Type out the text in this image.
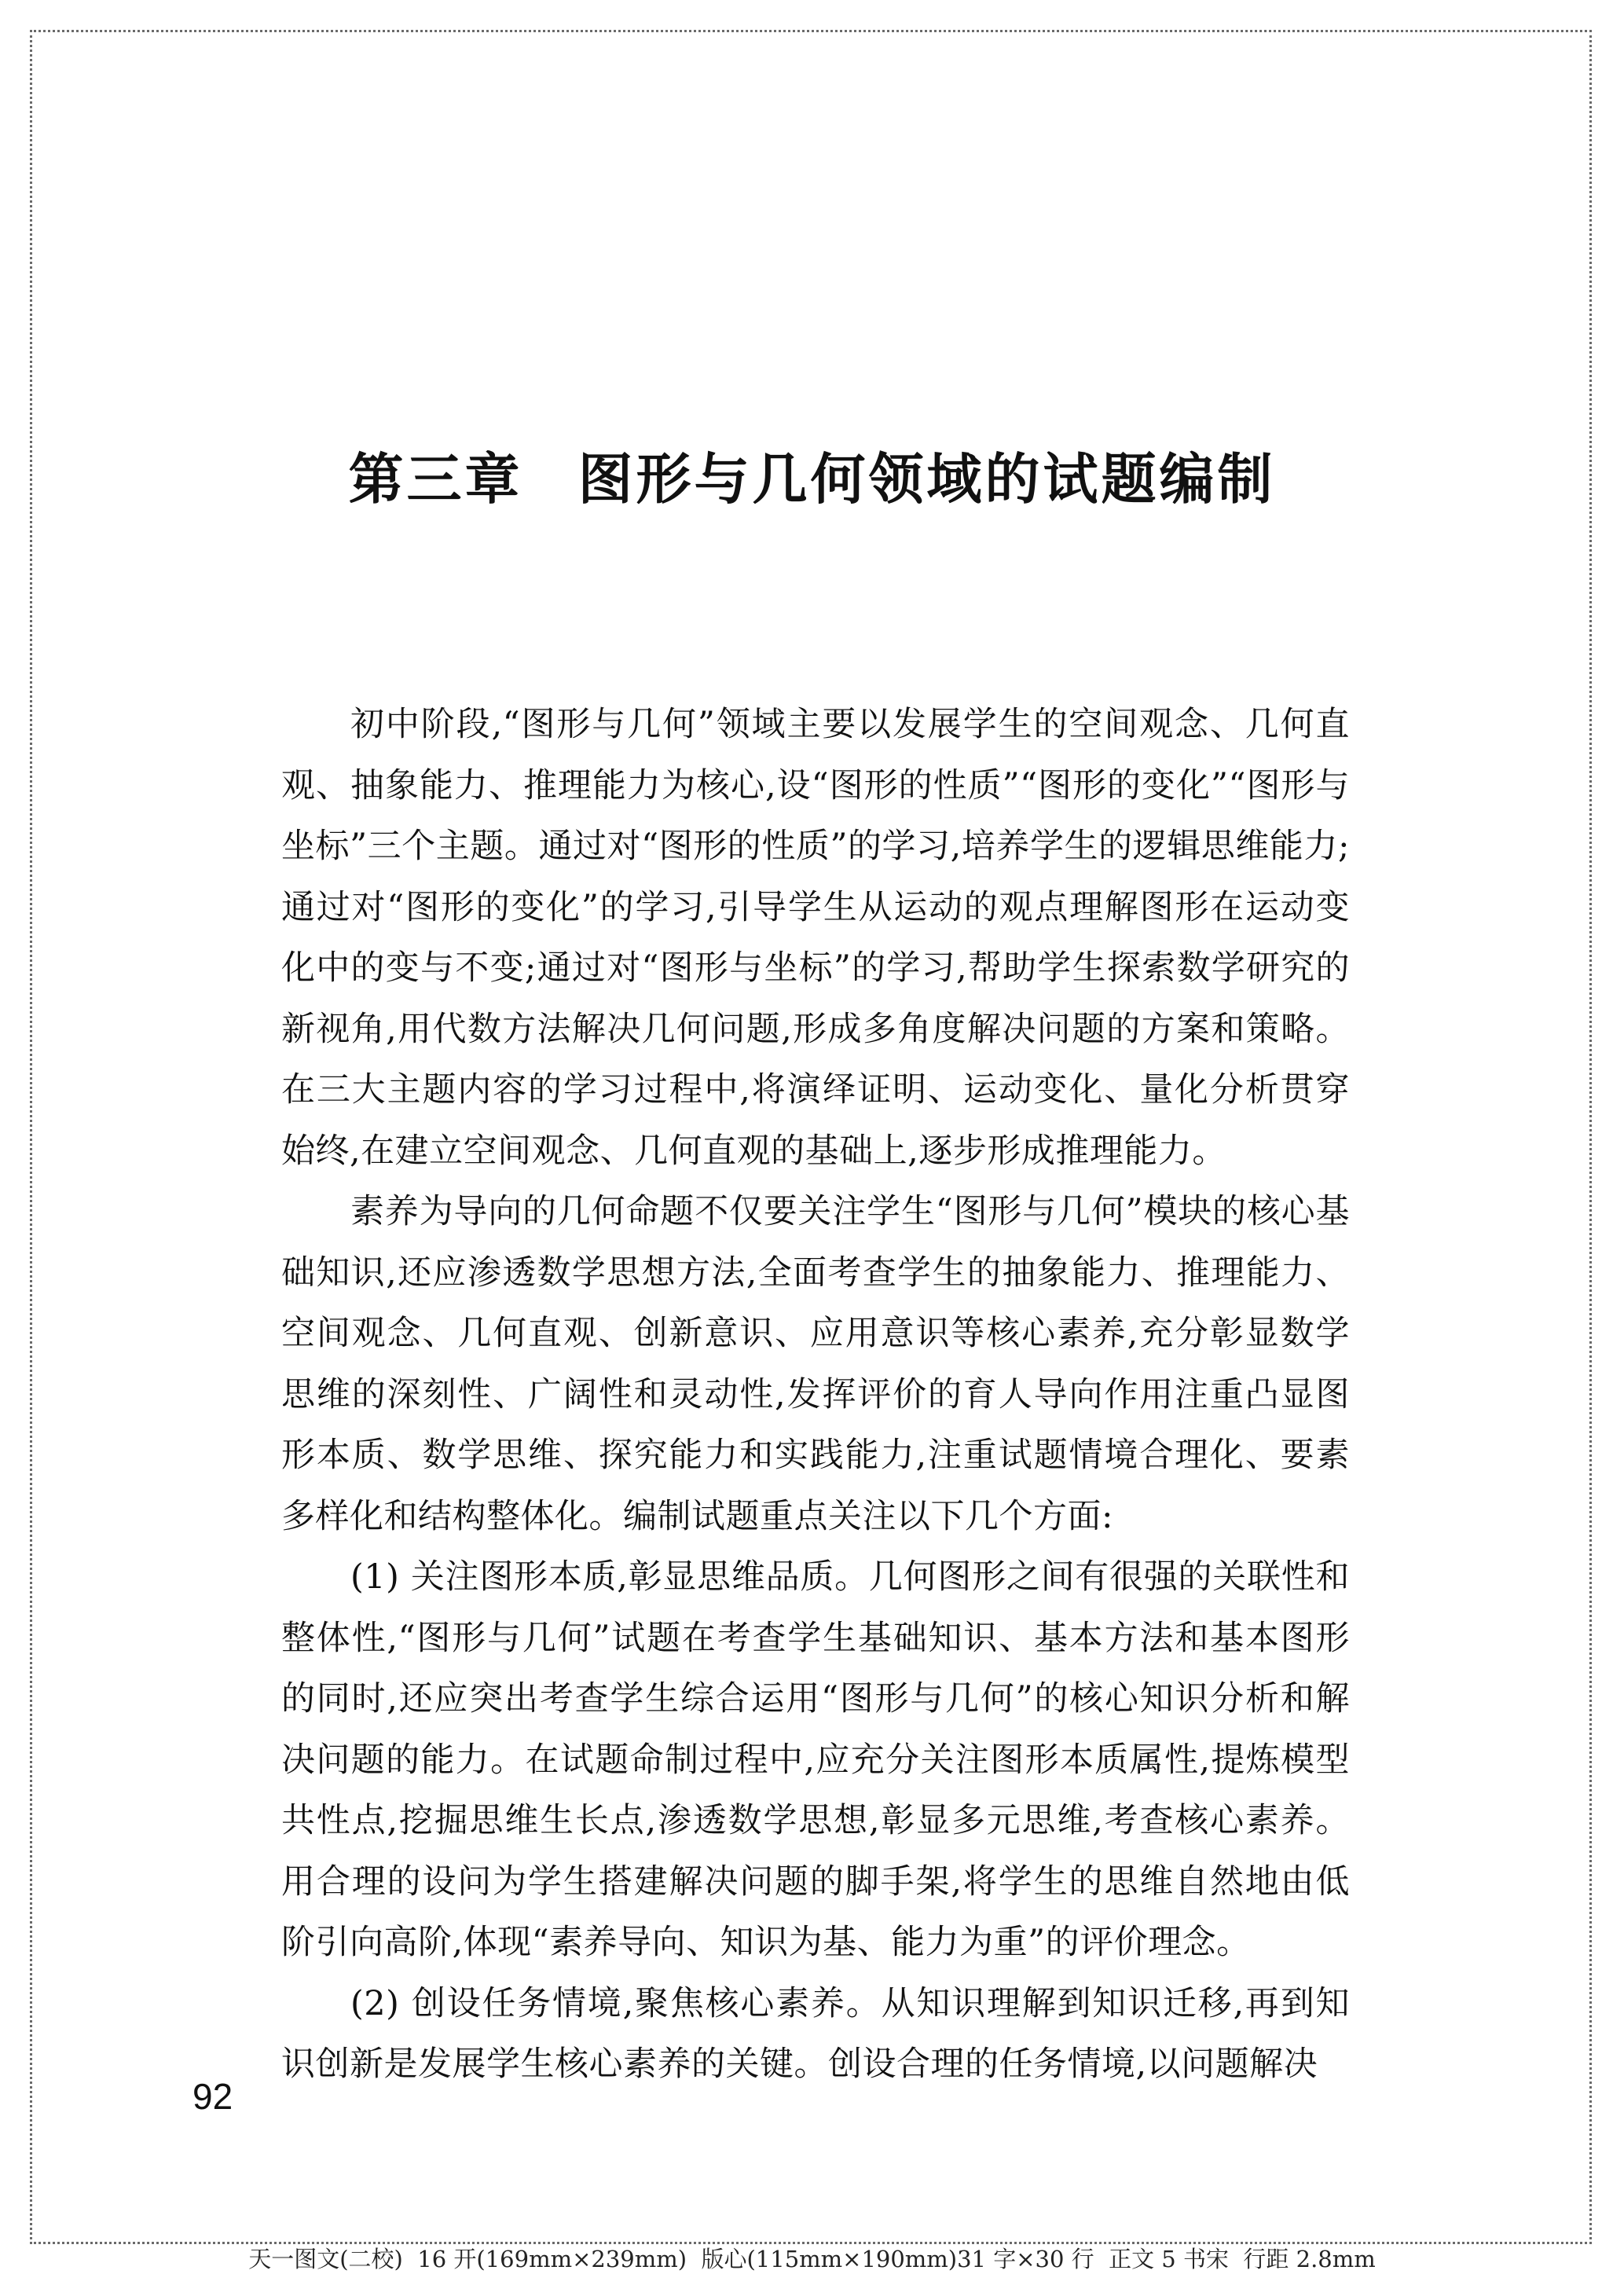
第三章 图形与几何领域的试题编制

初中阶段,“图形与几何”领域主要以发展学生的空间观念、几何直观、抽象能力、推理能力为核心,设“图形的性质”“图形的变化”“图形与坐标”三个主题。通过对“图形的性质”的学习,培养学生的逻辑思维能力;通过对“图形的变化”的学习,引导学生从运动的观点理解图形在运动变化中的变与不变;通过对“图形与坐标”的学习,帮助学生探索数学研究的新视角,用代数方法解决几何问题,形成多角度解决问题的方案和策略。在三大主题内容的学习过程中,将演绎证明、运动变化、量化分析贯穿始终,在建立空间观念、几何直观的基础上,逐步形成推理能力。

素养为导向的几何命题不仅要关注学生“图形与几何”模块的核心基础知识,还应渗透数学思想方法,全面考查学生的抽象能力、推理能力、空间观念、几何直观、创新意识、应用意识等核心素养,充分彰显数学思维的深刻性、广阔性和灵动性,发挥评价的育人导向作用注重凸显图形本质、数学思维、探究能力和实践能力,注重试题情境合理化、要素多样化和结构整体化。编制试题重点关注以下几个方面:

(1) 关注图形本质,彰显思维品质。几何图形之间有很强的关联性和整体性,“图形与几何”试题在考查学生基础知识、基本方法和基本图形的同时,还应突出考查学生综合运用“图形与几何”的核心知识分析和解决问题的能力。在试题命制过程中,应充分关注图形本质属性,提炼模型共性点,挖掘思维生长点,渗透数学思想,彰显多元思维,考查核心素养。用合理的设问为学生搭建解决问题的脚手架,将学生的思维自然地由低阶引向高阶,体现“素养导向、知识为基、能力为重”的评价理念。

(2) 创设任务情境,聚焦核心素养。从知识理解到知识迁移,再到知识创新是发展学生核心素养的关键。创设合理的任务情境,以问题解决

92
天一图文(二校)  16 开(169mm×239mm)  版心(115mm×190mm)31 字×30 行  正文 5 书宋  行距 2.8mm
